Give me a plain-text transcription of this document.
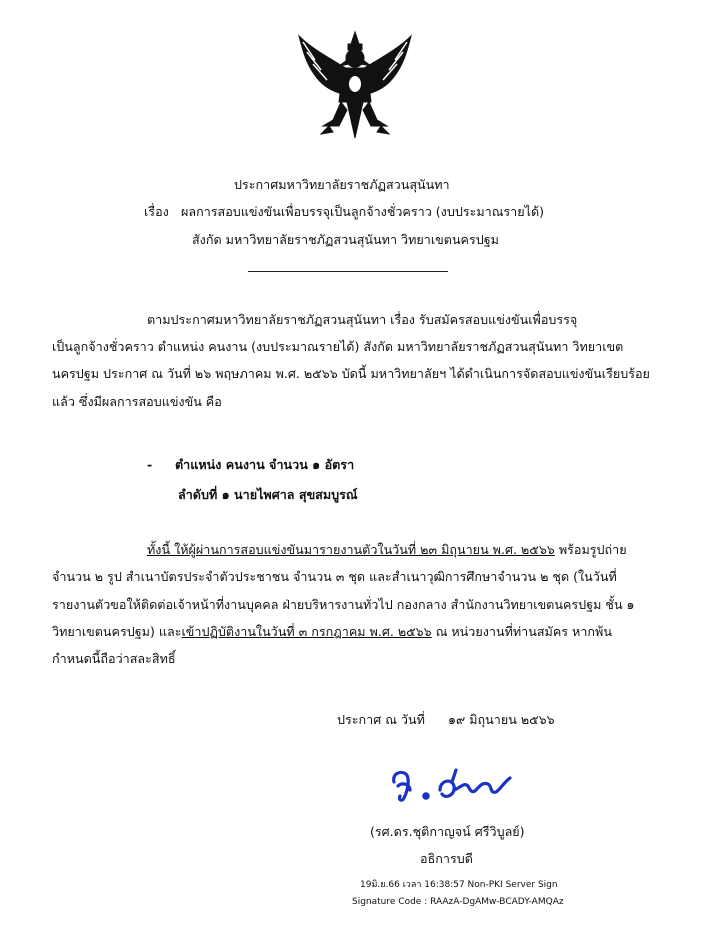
ประกาศมหาวิทยาลัยราชภัฏสวนสุนันทา
เรื่อง ผลการสอบแข่งขันเพื่อบรรจุเป็นลูกจ้างชั่วคราว (งบประมาณรายได้)
สังกัด มหาวิทยาลัยราชภัฏสวนสุนันทา วิทยาเขตนครปฐม
ตามประกาศมหาวิทยาลัยราชภัฏสวนสุนันทา เรื่อง รับสมัครสอบแข่งขันเพื่อบรรจุ
เป็นลูกจ้างชั่วคราว ตำแหน่ง คนงาน (งบประมาณรายได้) สังกัด มหาวิทยาลัยราชภัฏสวนสุนันทา วิทยาเขต
นครปฐม ประกาศ ณ วันที่ ๒๖ พฤษภาคม พ.ศ. ๒๕๖๖ บัดนี้ มหาวิทยาลัยฯ ได้ดำเนินการจัดสอบแข่งขันเรียบร้อย
แล้ว ซึ่งมีผลการสอบแข่งขัน คือ
- ตำแหน่ง คนงาน จำนวน ๑ อัตรา
ลำดับที่ ๑ นายไพศาล สุขสมบูรณ์
ทั้งนี้ ให้ผู้ผ่านการสอบแข่งขันมารายงานตัวในวันที่ ๒๓ มิถุนายน พ.ศ. ๒๕๖๖ พร้อมรูปถ่าย
จำนวน ๒ รูป สำเนาบัตรประจำตัวประชาชน จำนวน ๓ ชุด และสำเนาวุฒิการศึกษาจำนวน ๒ ชุด (ในวันที่
รายงานตัวขอให้ติดต่อเจ้าหน้าที่งานบุคคล ฝ่ายบริหารงานทั่วไป กองกลาง สำนักงานวิทยาเขตนครปฐม ชั้น ๑
วิทยาเขตนครปฐม) และเข้าปฏิบัติงานในวันที่ ๓ กรกฎาคม พ.ศ. ๒๕๖๖ ณ หน่วยงานที่ท่านสมัคร หากพ้น
กำหนดนี้ถือว่าสละสิทธิ์
ประกาศ ณ วันที่ ๑๙ มิถุนายน ๒๕๖๖
(รศ.ดร.ชุติกาญจน์ ศรีวิบูลย์)
อธิการบดี
19มิ.ย.66 เวลา 16:38:57 Non-PKI Server Sign
Signature Code : RAAzA-DgAMw-BCADY-AMQAz
